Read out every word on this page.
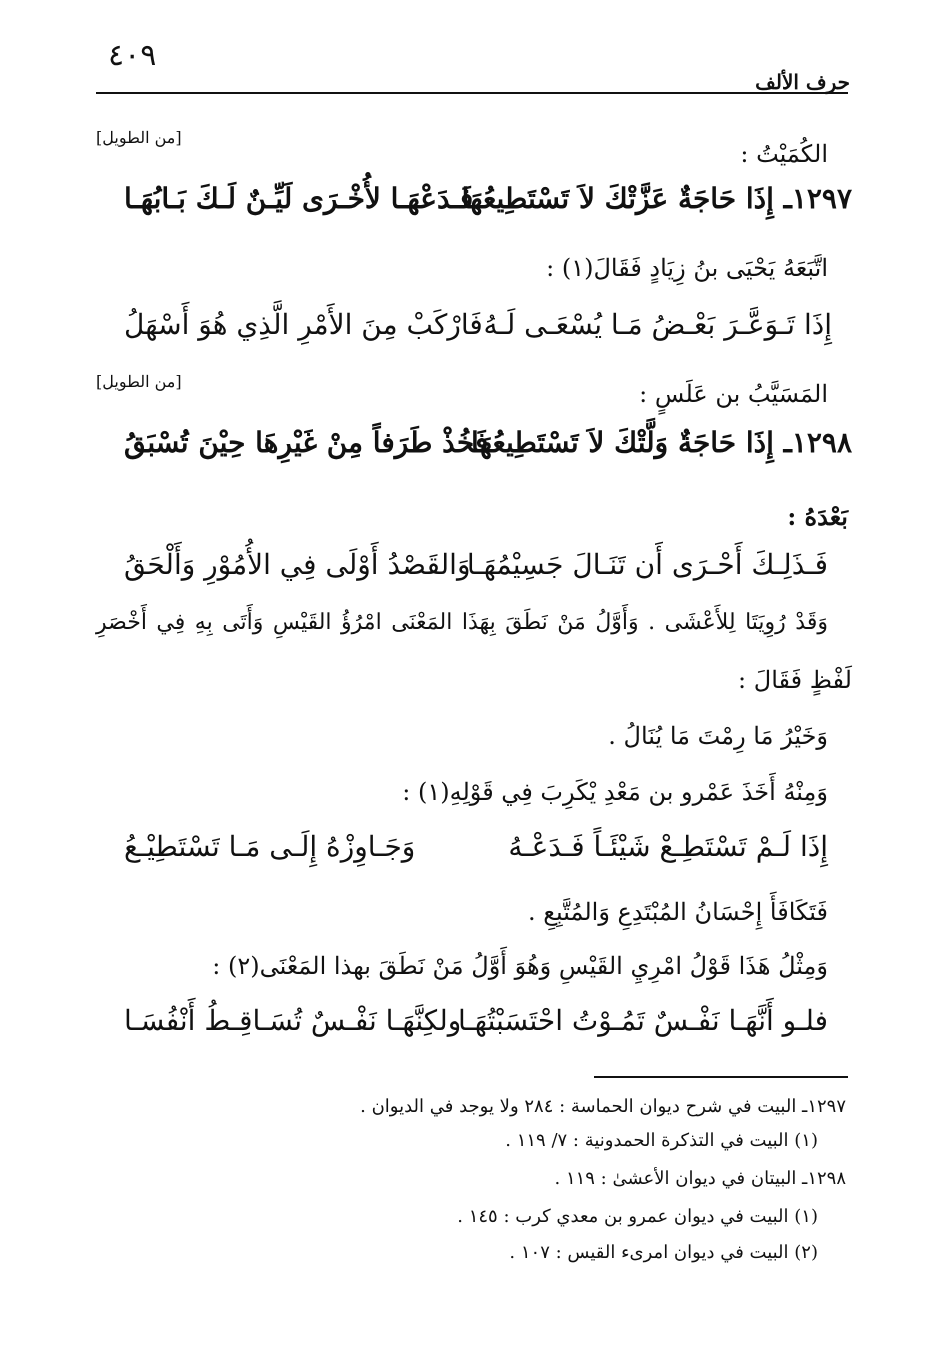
٤٠٩
حرف الألف
[من الطويل]
الكُمَيْتُ :
١٢٩٧ـ إِذَا حَاجَةٌ عَزَّتْكَ لاَ تَسْتَطِيعُهَا
فَـدَعْهَـا لأُخْـرَى لَيِّـنٌ لَـكَ بَـابُهَـا
اتَّبَعَهُ يَحْيَى بنُ زِيَادٍ فَقَالَ(١) :
إِذَا تَـوَعَّـرَ بَعْـضُ مَـا يُسْعَـى لَـهُ
فَارْكَبْ مِنَ الأَمْرِ الَّذِي هُوَ أَسْهَلُ
[من الطويل]	المَسَيَّبُ بن عَلَسٍ :
١٢٩٨ـ إِذَا حَاجَةٌ وَلَّتْكَ لاَ تَسْتَطِيعُهَا
فَخُذْ طَرَفاً مِنْ غَيْرِهَا حِيْنَ تُسْبَقُ
بَعْدَهُ :
فَـذَلِـكَ أَحْـرَى أَن تَنَـالَ جَسِيْمُهَـا
وَالقَصْدُ أَوْلَى فِي الأُمُوْرِ وَأَلْحَقُ
وَقَدْ رُوِيَتَا لِلأَعْشَى . وَأَوَّلُ مَنْ نَطَقَ بِهَذَا المَعْنَى امْرُؤُ القَيْسِ وَأَتَى بِهِ فِي أَخْصَرِ
لَفْظٍ فَقَالَ :
وَخَيْرُ مَا رِمْتَ مَا يُنَالُ .
وَمِنْهُ أَخَذَ عَمْرو بن مَعْدِ يْكَرِبَ فِي قَوْلِهِ(١) :
إِذَا لَـمْ تَسْتَطِـعْ شَيْئَـاً فَـدَعْـهُ
وَجَـاوِزْهُ إِلَـى مَـا تَسْتَطِيْـعُ
فَتَكَافَأَ إِحْسَانُ المُبْتَدِعِ وَالمُتَّبِعِ .
وَمِثْلُ هَذَا قَوْلُ امْرِيِ القَيْسِ وَهُوَ أَوَّلُ مَنْ نَطَقَ بهذا المَعْنَى(٢) :
فلـو أَنَّهَـا نَفْـسٌ تَمُـوْتُ احْتَسَبْتُهَـا
ولكِنَّهَـا نَفْـسٌ تُسَـاقِـطُ أَنْفُسَـا
١٢٩٧ـ البيت في شرح ديوان الحماسة : ٢٨٤ ولا يوجد في الديوان .
(١) البيت في التذكرة الحمدونية : ٧/ ١١٩ .
١٢٩٨ـ البيتان في ديوان الأعشىٰ : ١١٩ .
(١) البيت في ديوان عمرو بن معدي كرب : ١٤٥ .
(٢) البيت في ديوان امرىء القيس : ١٠٧ .
